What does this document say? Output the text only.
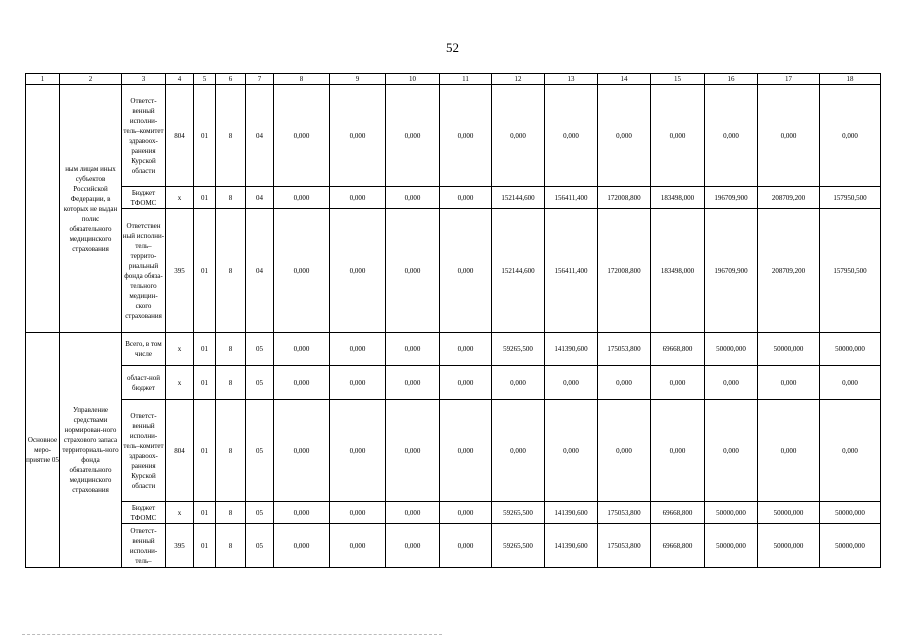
52
1	2	3	4	5	6	7	8	9	10	11	12	13	14	15	16	17	18
	ным лицам иных субъектов Российской Федерации, в которых не выдан полис обязательного медицинского страхования	Ответст-венный исполни-тель–комитет здравоох-ранения Курской области	804	01	8	04	0,000	0,000	0,000	0,000	0,000	0,000	0,000	0,000	0,000	0,000	0,000
		Бюджет ТФОМС	х	01	8	04	0,000	0,000	0,000	0,000	152144,600	156411,400	172008,800	183498,000	196709,900	208709,200	157950,500
		Ответствен ный исполни-тель– террито-риальный фонда обяза-тельного медицин-ского страхования	395	01	8	04	0,000	0,000	0,000	0,000	152144,600	156411,400	172008,800	183498,000	196709,900	208709,200	157950,500
Основное меро-приятие 05	Управление средствами нормирован-ного страхового запаса территориаль-ного фонда обязательного медицинского страхования	Всего, в том числе	х	01	8	05	0,000	0,000	0,000	0,000	59265,500	141390,600	175053,800	69668,800	50000,000	50000,000	50000,000
		област-ной бюджет	х	01	8	05	0,000	0,000	0,000	0,000	0,000	0,000	0,000	0,000	0,000	0,000	0,000
		Ответст-венный исполни-тель–комитет здравоох-ранения Курской области	804	01	8	05	0,000	0,000	0,000	0,000	0,000	0,000	0,000	0,000	0,000	0,000	0,000
		Бюджет ТФОМС	х	01	8	05	0,000	0,000	0,000	0,000	59265,500	141390,600	175053,800	69668,800	50000,000	50000,000	50000,000
		Ответст-венный исполни-тель–	395	01	8	05	0,000	0,000	0,000	0,000	59265,500	141390,600	175053,800	69668,800	50000,000	50000,000	50000,000
